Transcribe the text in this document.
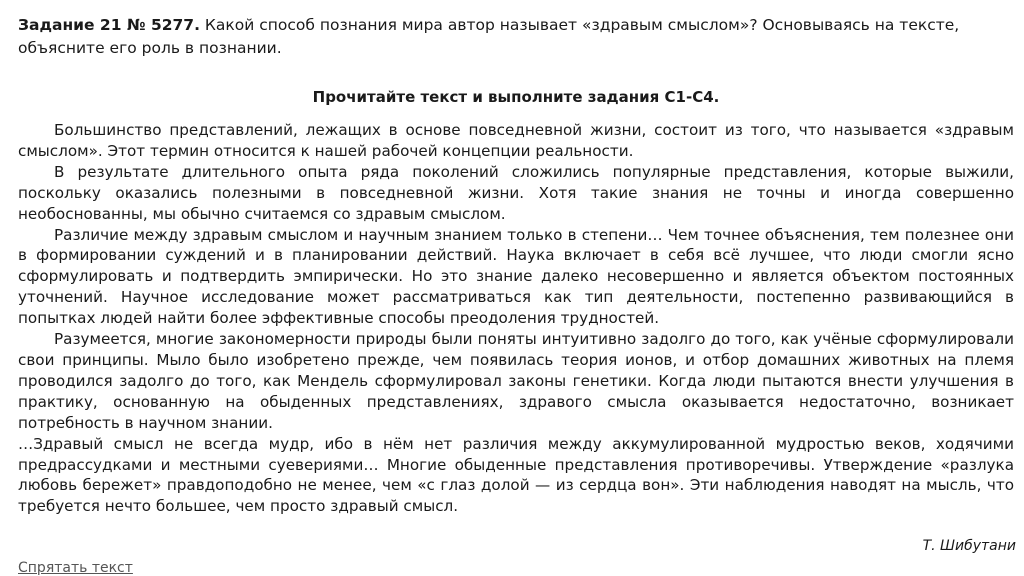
Задание 21 № 5277. Какой способ познания мира автор называет «здравым смыслом»? Основываясь на тексте, объясните его роль в познании.

Прочитайте текст и выполните задания C1-C4.

Большинство представлений, лежащих в основе повседневной жизни, состоит из того, что называется «здравым смыслом». Этот термин относится к нашей рабочей концепции реальности.

В результате длительного опыта ряда поколений сложились популярные представления, которые выжили, поскольку оказались полезными в повседневной жизни. Хотя такие знания не точны и иногда совершенно необоснованны, мы обычно считаемся со здравым смыслом.

Различие между здравым смыслом и научным знанием только в степени… Чем точнее объяснения, тем полезнее они в формировании суждений и в планировании действий. Наука включает в себя всё лучшее, что люди смогли ясно сформулировать и подтвердить эмпирически. Но это знание далеко несовершенно и является объектом постоянных уточнений. Научное исследование может рассматриваться как тип деятельности, постепенно развивающийся в попытках людей найти более эффективные способы преодоления трудностей.

Разумеется, многие закономерности природы были поняты интуитивно задолго до того, как учёные сформулировали свои принципы. Мыло было изобретено прежде, чем появилась теория ионов, и отбор домашних животных на племя проводился задолго до того, как Мендель сформулировал законы генетики. Когда люди пытаются внести улучшения в практику, основанную на обыденных представлениях, здравого смысла оказывается недостаточно, возникает потребность в научном знании.

…Здравый смысл не всегда мудр, ибо в нём нет различия между аккумулированной мудростью веков, ходячими предрассудками и местными суевериями… Многие обыденные представления противоречивы. Утверждение «разлука любовь бережет» правдоподобно не менее, чем «с глаз долой — из сердца вон». Эти наблюдения наводят на мысль, что требуется нечто большее, чем просто здравый смысл.

Т. Шибутани
Спрятать текст
